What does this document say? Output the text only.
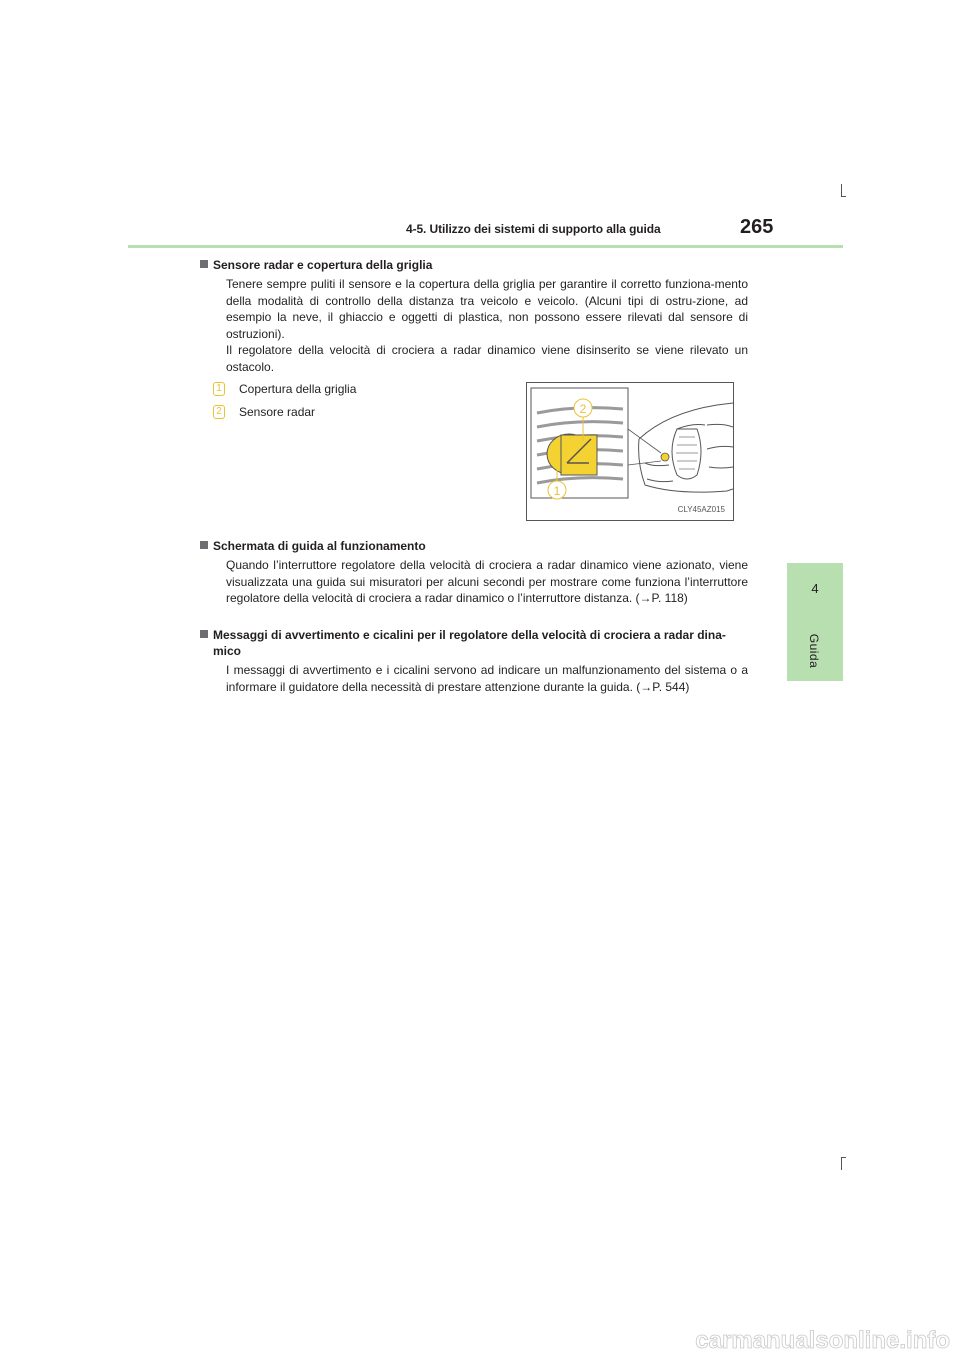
4-5. Utilizzo dei sistemi di supporto alla guida	265
4
Guida
Sensore radar e copertura della griglia

Tenere sempre puliti il sensore e la copertura della griglia per garantire il corretto funziona-mento della modalità di controllo della distanza tra veicolo e veicolo. (Alcuni tipi di ostru-zione, ad esempio la neve, il ghiaccio e oggetti di plastica, non possono essere rilevati dal sensore di ostruzioni).

Il regolatore della velocità di crociera a radar dinamico viene disinserito se viene rilevato un ostacolo.

1 Copertura della griglia
2 Sensore radar	2
1
CLY45AZ015
Schermata di guida al funzionamento

Quando l’interruttore regolatore della velocità di crociera a radar dinamico viene azionato, viene visualizzata una guida sui misuratori per alcuni secondi per mostrare come funziona l’interruttore regolatore della velocità di crociera a radar dinamico o l’interruttore distanza. (→P. 118)

Messaggi di avvertimento e cicalini per il regolatore della velocità di crociera a radar dina-mico

I messaggi di avvertimento e i cicalini servono ad indicare un malfunzionamento del sistema o a informare il guidatore della necessità di prestare attenzione durante la guida. (→P. 544)

carmanualsonline.info
